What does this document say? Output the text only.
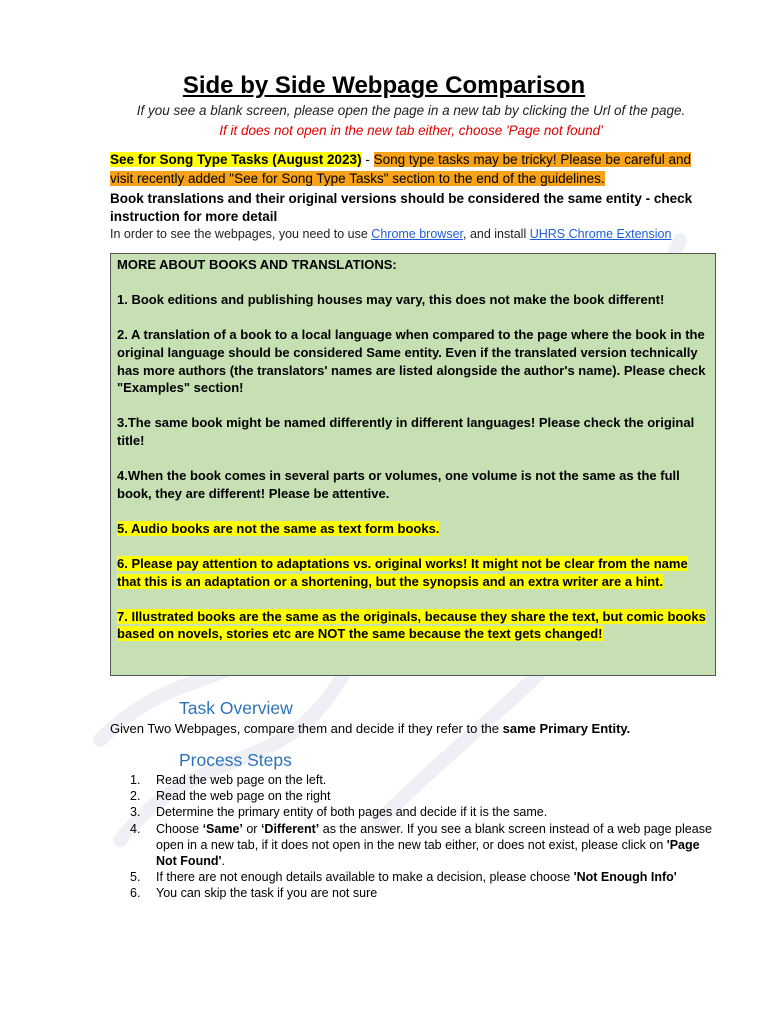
Side by Side Webpage Comparison
If you see a blank screen, please open the page in a new tab by clicking the Url of the page.
If it does not open in the new tab either, choose 'Page not found'
See for Song Type Tasks (August 2023) - Song type tasks may be tricky! Please be careful and visit recently added "See for Song Type Tasks" section to the end of the guidelines.
Book translations and their original versions should be considered the same entity - check instruction for more detail
In order to see the webpages, you need to use Chrome browser, and install UHRS Chrome Extension

MORE ABOUT BOOKS AND TRANSLATIONS:

1. Book editions and publishing houses may vary, this does not make the book different!

2. A translation of a book to a local language when compared to the page where the book in the original language should be considered Same entity. Even if the translated version technically has more authors (the translators' names are listed alongside the author's name). Please check "Examples" section!

3.The same book might be named differently in different languages! Please check the original title!

4.When the book comes in several parts or volumes, one volume is not the same as the full book, they are different! Please be attentive.

5. Audio books are not the same as text form books.

6. Please pay attention to adaptations vs. original works! It might not be clear from the name that this is an adaptation or a shortening, but the synopsis and an extra writer are a hint.

7. Illustrated books are the same as the originals, because they share the text, but comic books based on novels, stories etc are NOT the same because the text gets changed!

Task Overview
Given Two Webpages, compare them and decide if they refer to the same Primary Entity.
Process Steps
1. Read the web page on the left.
2. Read the web page on the right
3. Determine the primary entity of both pages and decide if it is the same.
4. Choose ‘Same’ or ‘Different’ as the answer. If you see a blank screen instead of a web page please open in a new tab, if it does not open in the new tab either, or does not exist, please click on 'Page Not Found'.
5. If there are not enough details available to make a decision, please choose 'Not Enough Info'
6. You can skip the task if you are not sure
